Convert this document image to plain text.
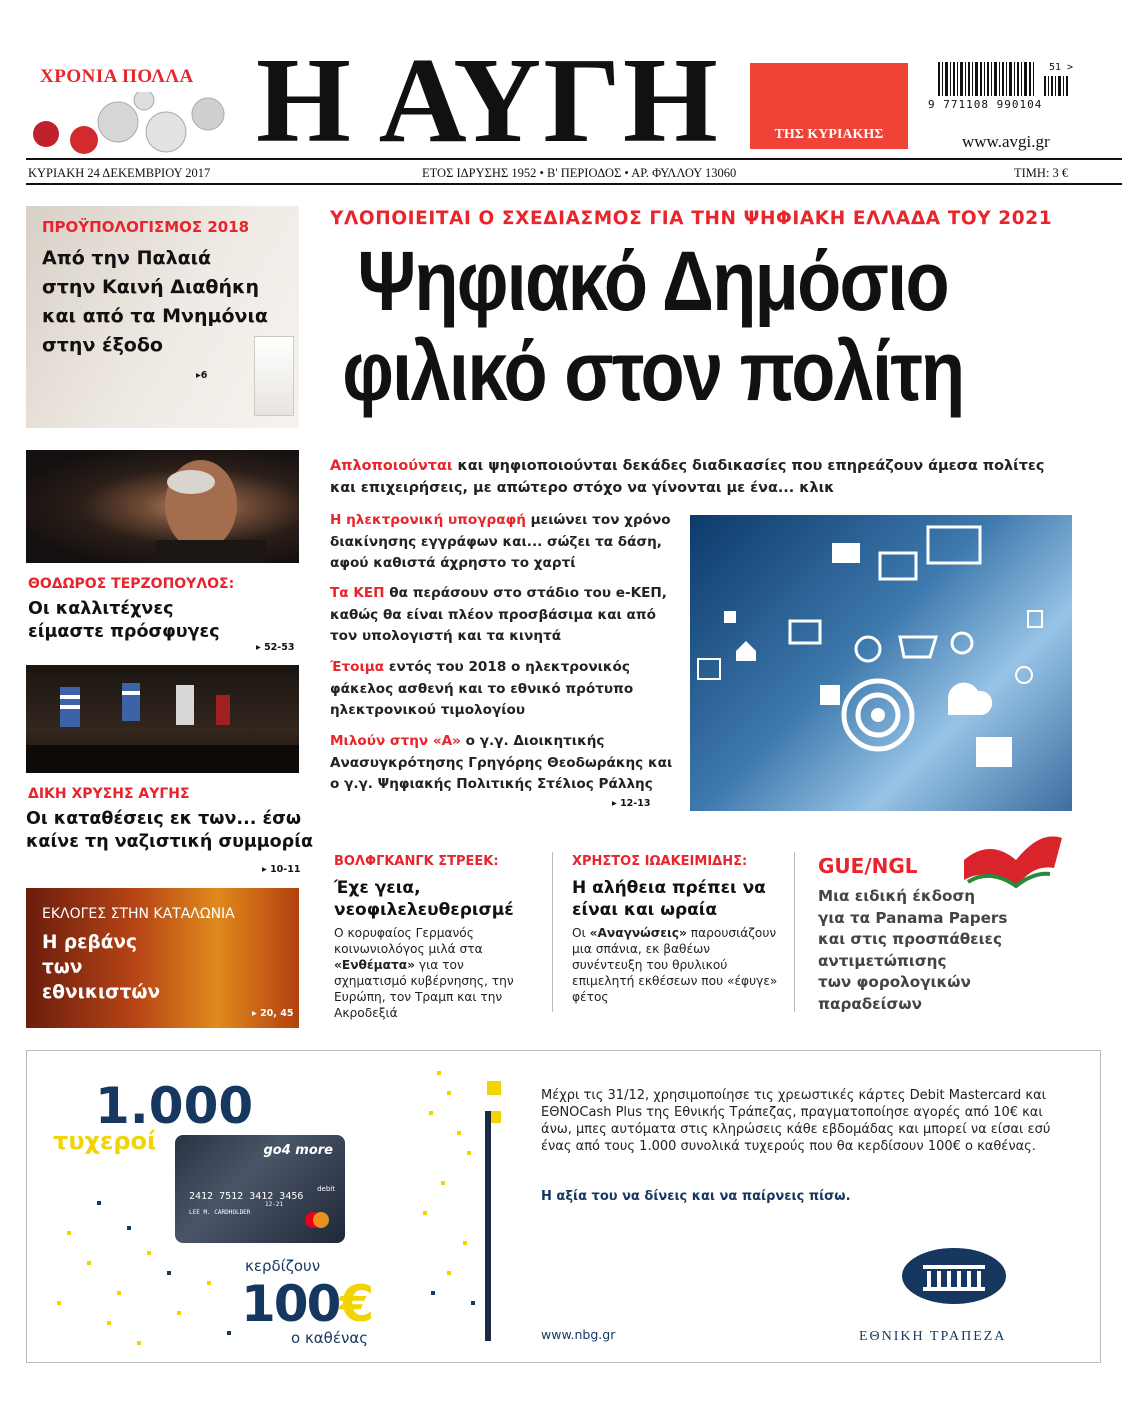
ΧΡΟΝΙΑ ΠΟΛΛΑ Η ΑΥΓΗ	ΤΗΣ ΚΥΡΙΑΚΗΣ
9 771108 990104
51 >
www.avgi.gr
ΚΥΡΙΑΚΗ 24 ΔΕΚΕΜΒΡΙΟΥ 2017	ΕΤΟΣ ΙΔΡΥΣΗΣ 1952 • Β' ΠΕΡΙΟΔΟΣ • ΑΡ. ΦΥΛΛΟΥ 13060	ΤΙΜΗ: 3 €
ΠΡΟΫΠΟΛΟΓΙΣΜΟΣ 2018
Από την Παλαιά
στην Καινή Διαθήκη
και από τα Μνημόνια
στην έξοδο
▸6
ΘΟΔΩΡΟΣ ΤΕΡΖΟΠΟΥΛΟΣ:
Οι καλλιτέχνες
είμαστε πρόσφυγες
▸ 52-53
ΔΙΚΗ ΧΡΥΣΗΣ ΑΥΓΗΣ
Οι καταθέσεις εκ των... έσω
καίνε τη ναζιστική συμμορία
▸ 10-11
ΕΚΛΟΓΕΣ ΣΤΗΝ ΚΑΤΑΛΩΝΙΑ
Η ρεβάνς
των
εθνικιστών
▸ 20, 45
ΥΛΟΠΟΙΕΙΤΑΙ Ο ΣΧΕΔΙΑΣΜΟΣ ΓΙΑ ΤΗΝ ΨΗΦΙΑΚΗ ΕΛΛΑΔΑ ΤΟΥ 2021
Ψηφιακό Δημόσιο
φιλικό στον πολίτη
Απλοποιούνται και ψηφιοποιούνται δεκάδες διαδικασίες που επηρεάζουν άμεσα πολίτες και επιχειρήσεις, με απώτερο στόχο να γίνονται με ένα... κλικ
Η ηλεκτρονική υπογραφή μειώνει τον χρόνο διακίνησης εγγράφων και... σώζει τα δάση, αφού καθιστά άχρηστο το χαρτί
Τα ΚΕΠ θα περάσουν στο στάδιο του e-ΚΕΠ, καθώς θα είναι πλέον προσβάσιμα και από τον υπολογιστή και τα κινητά
Έτοιμα εντός του 2018 ο ηλεκτρονικός φάκελος ασθενή και το εθνικό πρότυπο ηλεκτρονικού τιμολογίου
Μιλούν στην «Α» ο γ.γ. Διοικητικής Ανασυγκρότησης Γρηγόρης Θεοδωράκης και ο γ.γ. Ψηφιακής Πολιτικής Στέλιος Ράλλης
▸ 12-13
ΒΟΛΦΓΚΑΝΓΚ ΣΤΡΕΕΚ:
Έχε γεια, νεοφιλελευθερισμέ
Ο κορυφαίος Γερμανός κοινωνιολόγος μιλά στα «Ενθέματα» για τον σχηματισμό κυβέρνησης, την Ευρώπη, τον Τραμπ και την Ακροδεξιά
ΧΡΗΣΤΟΣ ΙΩΑΚΕΙΜΙΔΗΣ:
Η αλήθεια πρέπει να είναι και ωραία
Οι «Αναγνώσεις» παρουσιάζουν μια σπάνια, εκ βαθέων συνέντευξη του θρυλικού επιμελητή εκθέσεων που «έφυγε» φέτος
GUE/NGL
Μια ειδική έκδοση
για τα Panama Papers
και στις προσπάθειες
αντιμετώπισης
των φορολογικών
παραδείσων
1.000
τυχεροί	go4 more
debit
2412 7512 3412 3456
LEE M. CARDHOLDER
12-21
κερδίζουν
100€
ο καθένας
Μέχρι τις 31/12, χρησιμοποίησε τις χρεωστικές κάρτες Debit Mastercard και ΕΘΝΟCash Plus της Εθνικής Τράπεζας, πραγματοποίησε αγορές από 10€ και άνω, μπες αυτόματα στις κληρώσεις κάθε εβδομάδας και μπορεί να είσαι εσύ ένας από τους 1.000 συνολικά τυχερούς που θα κερδίσουν 100€ ο καθένας.
Η αξία του να δίνεις και να παίρνεις πίσω.
www.nbg.gr	ΕΘΝΙΚΗ ΤΡΑΠΕΖΑ
